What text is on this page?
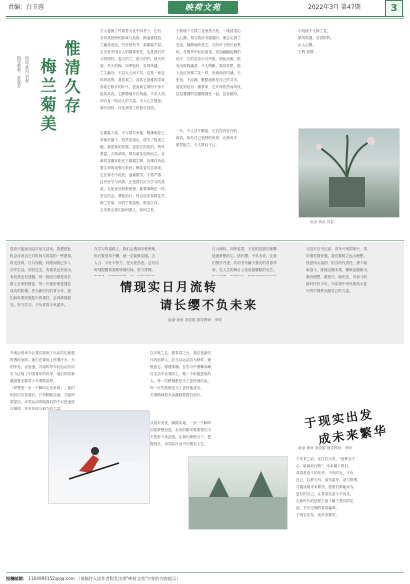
责编：白玉蓉	映荷文苑	2022年3月 第47期	3
惟清久存
梅兰菊美
西部·黄河 刘春
指导教师：陈俊芳
古人将梅兰竹菊誉为花中四君子，它们
各有其独特的韵味与品格。梅凌寒独放，
兰幽香清远，竹坚韧有节，菊傲霜不屈。
它们是中国文人的精神寄托，也是我们学
习的榜样。春天的兰，夏天的竹，秋天的
菊，冬天的梅，四季轮转，各领风骚。
兰生幽谷，不以无人而不芳，这是一种怎
样的境界。我喜欢兰，喜欢它淡雅的清香，
喜欢它修长的叶片，更喜欢它那份不争不
抢的从容。它静静地开在角落，不求人知，
却自有一股动人的力量，令人心生敬意。
菊开深秋，百花凋零之时独自绽放。
它傲霜斗寒，不与群芳争艳，陶渊明爱之，
采菊东篱下，悠然见南山，道尽了隐逸之
趣。我爱菊的坚强，更爱它的淡泊。秋风
萧瑟，万物凋零，唯有菊花迎风而立，金
黄的花瓣在阳光下熠熠生辉，仿佛在诉说
着生命的顽强与美好。梅花香自苦寒来，
它在寒冬中绽放，凌霜傲雪，不畏严寒。
这份坚守与执着，正是我们应当学习的品
质。无论身处何种困境，都要像梅花一样，
坚定信念，勇敢前行，终会迎来春暖花开。
梅兰竹菊，四君子的品格，惟清久存。
它们教会我们如何做人，如何立世。
小院墙下几株兰花悄然开放，一缕清香沁
人心脾。每当我读书疲倦时，便会走到兰
花前，静静地欣赏它。它的叶子细长而柔
软，在微风中轻轻摇曳，宛如翩翩起舞的
仙子。它的花朵小巧玲珑，颜色淡雅，散
发出阵阵幽香，令人陶醉。我常常想，做
人也应该像兰花一样，低调而有内涵，不
张扬，不浮躁，默默地散发自己的芬芳。
菊花则是另一番景象，它开得热烈而奔放，
层层叠叠的花瓣簇拥在一起，色彩缤纷。
一片，令人目不暇接，它们没有牡丹的
雍容，却有自己独特的风骨，在秋风中
傲然挺立，令人赞叹不已。
小院墙下几株兰花，
微风吹拂，清香阵阵，
沁人心脾。
王辉 供图
南部·黄河 刘春
很高兴能参加这次征文活动，我想借此
机会谈谈自己对时间与青春的一些感悟。
时光荏苒，日月如梭，转眼间我已步入
初中生活。回首过去，有欢笑也有泪水，
有收获也有遗憾。每一段经历都是成长
路上宝贵的财富，每一次挫折都是通往
成功的阶梯。作为新时代的青少年，我
们肩负着民族复兴的重任，必须珍惜韶
光，努力学习，不负青春不负韶华。
在学习的道路上，我们会遇到各种困难，
但只要坚持不懈，就一定能够克服。古
人云：少壮不努力，老大徒伤悲。这句话
时刻提醒着我要珍惜时间，努力拼搏。
日月流转，四季更替，不变的是我们那颗
追逐梦想的心。请长缨，不负未来，让我
们携手并进，共同书写属于我们的青春华
章，在人生的舞台上绽放最耀眼的光芒。
习近平总书记说：青年兴则国家兴，青
年强则国家强。我们要树立远大理想，
热爱伟大祖国，担当时代责任，勇于砥
砺奋斗，练就过硬本领，锤炼品德修为。
做有理想、敢担当、能吃苦、肯奋斗的
新时代好少年，为实现中华民族伟大复
兴的中国梦贡献自己的力量。
情现实日月流转
请长缨不负未来
南部·黄河 刘佳丽 指导教师：李坤
冬奥会的举办让我们看到了运动员们顽强
拼搏的身影。他们在赛场上挥洒汗水，为
国争光。谷爱凌、苏翊鸣等年轻运动员用
实力证明了中国青年的风采，他们的故事
激励着无数青少年勇敢追梦。
「梦想是一步一个脚印走出来的」，他们
的经历告诉我们，只有脚踏实地，才能仰
望星空。冰雪运动带给我们的不仅是速度
与激情，更有坚持与毅力的力量。
以冬奥之名，燃青春之火。我们是新时
代的追梦人，应当以运动员为榜样，锤
炼意志，强健体魄。在学习中勇攀高峰，
在生活中乐观向上，做一个积极进取的
人。每一次跌倒都是为了更好地站起，
每一次失败都是为了更好地成功。
冬奥精神将永远激励着我们前行。
从现实出发，脚踏实地，一步一个脚印
向着梦想前进。未来的繁华需要我们今
天的努力来创造，让我们珍惜当下，把
握现在，用实际行动书写精彩人生。
千年来之前，往往在出发，"追梦赤子
心，砥砺前行路"，未来属于我们。
青春是奋斗的年华，不负时光，不负
自己，以梦为马，莫负韶华，奋力拼搏，
才能成就未来繁华。愿我们都能成为
更好的自己，让青春在奋斗中闪光，
在新时代的征程上留下属于我们的足
迹，书写无悔的青春篇章。
于现实出发，成未来繁华。
于现实出发
成未来繁华
南部·黄河 刘佳丽 指导教师：李坤
投稿邮箱： 1164994152@qq.com （请稿件入选作者附发送带"映荷文苑"字样的内容提示）
